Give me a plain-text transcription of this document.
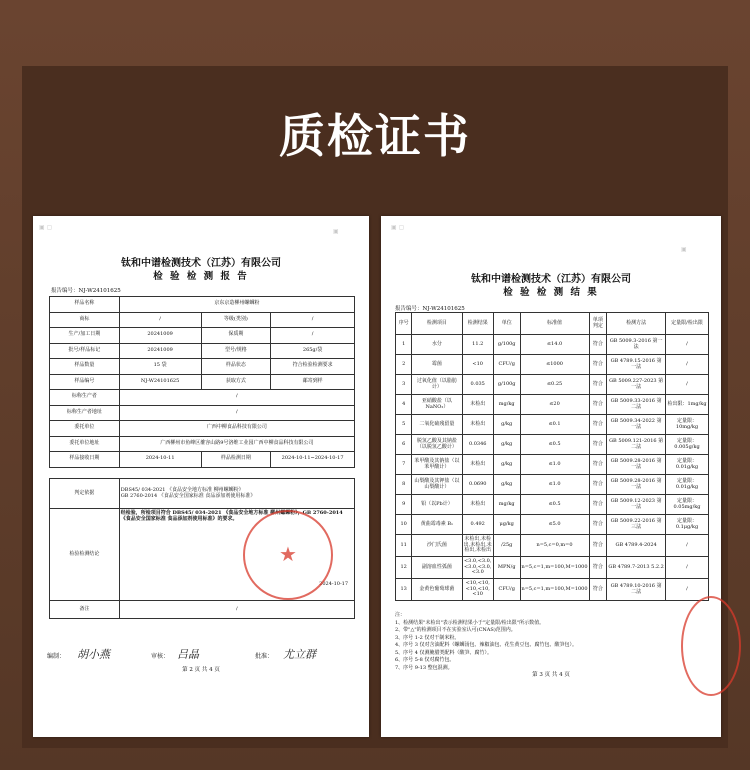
质检证书
▣ ▢
▣
钛和中谱检测技术（江苏）有限公司
检 验 检 测 报 告
报告编号：NJ-W24101625
样品名称	京东京造柳州螺蛳粉		
商标	/	等级(类别)	/
生产/加工日期	20241009	保质期	/
批号/样品标记	20241009	型号/规格	265g/袋
样品数量	15 袋	样品状态	符合检验检测要求
样品编号	NJ-W24101625	获取方式	邮寄到样
标称生产者	/		
标称生产者地址	/		
委托单位	广西中柳食品科技有限公司		
委托单位地址	广西柳州市鱼峰区雒容山路9号洛维工业园广西中柳食品科技有限公司		
样品接收日期	2024-10-11	样品检测日期	2024-10-11~2024-10-17
判定依据	DBS45/ 034-2021 《食品安全地方标准 柳州螺蛳粉》
GB 2760-2014 《食品安全国家标准 食品添加剂使用标准》
检验检测结论	经检验，所检项目符合 DBS45/ 034-2021 《食品安全地方标准 柳州螺蛳粉》，GB 2760-2014 《食品安全国家标准 食品添加剂使用标准》的要求。
2024-10-17

备注	/
★
编制： 胡小燕	审核： 吕晶	批准： 尤立群
第 2 页 共 4 页
▣ ▢
▣
钛和中谱检测技术（江苏）有限公司
检 验 检 测 结 果
报告编号：NJ-W24101625
序号	检测项目	检测结果	单位	标准值	单项判定	检测方法	定量限/检出限
1	水分	11.2	g/100g	≤14.0	符合	GB 5009.3-2016 第一法	/
2	霉菌	<10	CFU/g	≤1000	符合	GB 4789.15-2016 第一法	/
3	过氧化值（以脂肪计）	0.035	g/100g	≤0.25	符合	GB 5009.227-2023 第一法	/
4	亚硝酸盐（以 NaNO₂）	未检出	mg/kg	≤20	符合	GB 5009.33-2016 第二法	检出限：1mg/kg
5	二氧化硫残留量	未检出	g/kg	≤0.1	符合	GB 5009.34-2022 第一法	定量限：10mg/kg
6	脱氢乙酸及其钠盐（以脱氢乙酸计）	0.0346	g/kg	≤0.5	符合	GB 5009.121-2016 第二法	定量限：0.005g/kg
7	苯甲酸及其钠盐（以苯甲酸计）	未检出	g/kg	≤1.0	符合	GB 5009.28-2016 第一法	定量限：0.01g/kg
8	山梨酸及其钾盐（以山梨酸计）	0.0690	g/kg	≤1.0	符合	GB 5009.28-2016 第一法	定量限：0.01g/kg
9	铅（以Pb计）	未检出	mg/kg	≤0.5	符合	GB 5009.12-2023 第一法	定量限：0.05mg/kg
10	黄曲霉毒素 B₁	0.492	μg/kg	≤5.0	符合	GB 5009.22-2016 第三法	定量限：0.1μg/kg
11	沙门氏菌	未检出,未检出,未检出,未检出,未检出	/25g	n=5,c=0,m=0	符合	GB 4789.4-2024	/
12	副溶血性弧菌	<3.0,<3.0,<3.0,<3.0,<3.0	MPN/g	n=5,c=1,m=100,M=1000	符合	GB 4789.7-2013 5.2.2	/
13	金黄色葡萄球菌	<10,<10,<10,<10,<10	CFU/g	n=5,c=1,m=100,M=1000	符合	GB 4789.10-2016 第二法	/
注：
1、检测结果"未检出"表示检测结果小于"定量限/检出限"所示数值。
2、带"△"的检测项目不在实验室认可(CNAS)范围内。
3、序号 1-2 仅对干制米粉。
4、序号 3 仅对含油配料（螺蛳汤包、辣椒油包、花生黄豆包、腐竹包、酸笋包）。
5、序号 4 仅测腌腊类配料（酸笋、腐竹）。
6、序号 5-8 仅对腐竹包。
7、序号 9-13 整包混测。
第 3 页 共 4 页
